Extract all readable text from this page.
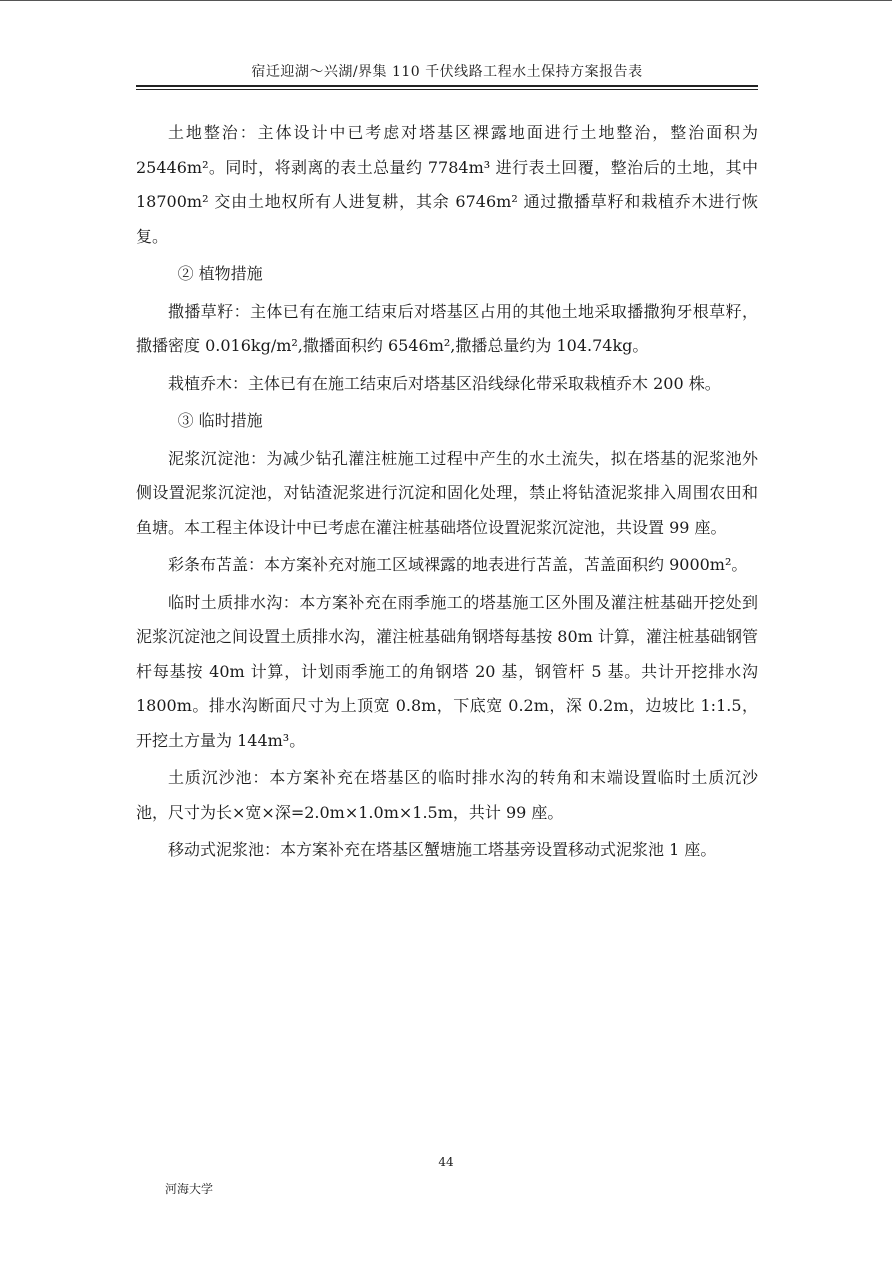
宿迁迎湖～兴湖/界集 110 千伏线路工程水土保持方案报告表

土地整治：主体设计中已考虑对塔基区裸露地面进行土地整治，整治面积为 25446m²。同时，将剥离的表土总量约 7784m³ 进行表土回覆，整治后的土地，其中 18700m² 交由土地权所有人进复耕，其余 6746m² 通过撒播草籽和栽植乔木进行恢复。

② 植物措施

撒播草籽：主体已有在施工结束后对塔基区占用的其他土地采取播撒狗牙根草籽，撒播密度 0.016kg/m²,撒播面积约 6546m²,撒播总量约为 104.74kg。

栽植乔木：主体已有在施工结束后对塔基区沿线绿化带采取栽植乔木 200 株。

③ 临时措施

泥浆沉淀池：为减少钻孔灌注桩施工过程中产生的水土流失，拟在塔基的泥浆池外侧设置泥浆沉淀池，对钻渣泥浆进行沉淀和固化处理，禁止将钻渣泥浆排入周围农田和鱼塘。本工程主体设计中已考虑在灌注桩基础塔位设置泥浆沉淀池，共设置 99 座。

彩条布苫盖：本方案补充对施工区域裸露的地表进行苫盖，苫盖面积约 9000m²。

临时土质排水沟：本方案补充在雨季施工的塔基施工区外围及灌注桩基础开挖处到泥浆沉淀池之间设置土质排水沟，灌注桩基础角钢塔每基按 80m 计算，灌注桩基础钢管杆每基按 40m 计算，计划雨季施工的角钢塔 20 基，钢管杆 5 基。共计开挖排水沟 1800m。排水沟断面尺寸为上顶宽 0.8m，下底宽 0.2m，深 0.2m，边坡比 1:1.5，开挖土方量为 144m³。

土质沉沙池：本方案补充在塔基区的临时排水沟的转角和末端设置临时土质沉沙池，尺寸为长×宽×深=2.0m×1.0m×1.5m，共计 99 座。

移动式泥浆池：本方案补充在塔基区蟹塘施工塔基旁设置移动式泥浆池 1 座。

44
河海大学
